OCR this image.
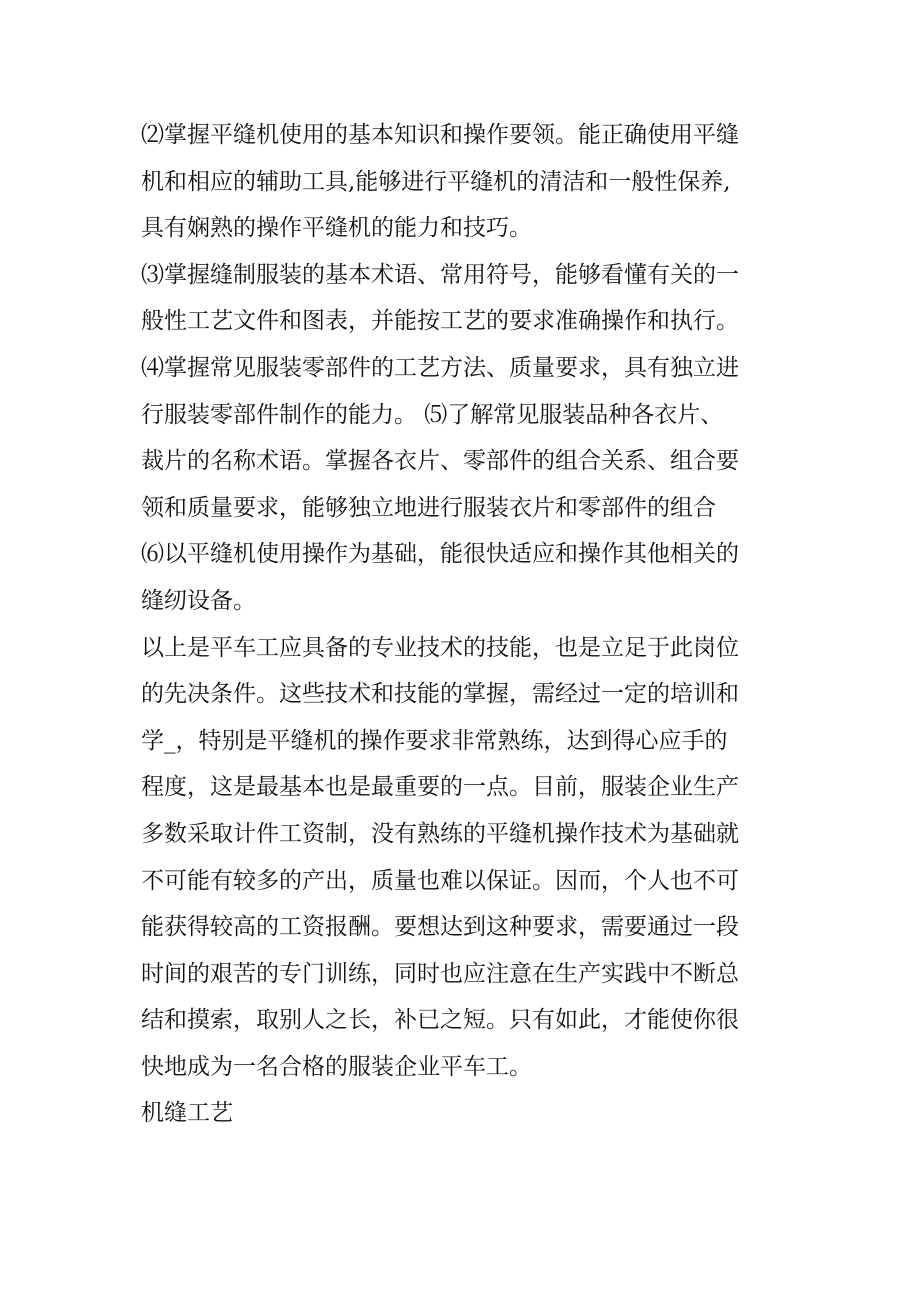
⑵掌握平缝机使用的基本知识和操作要领。能正确使用平缝
机和相应的辅助工具,能够进行平缝机的清洁和一般性保养,
具有娴熟的操作平缝机的能力和技巧。
⑶掌握缝制服装的基本术语、常用符号，能够看懂有关的一
般性工艺文件和图表，并能按工艺的要求准确操作和执行。
⑷掌握常见服装零部件的工艺方法、质量要求，具有独立进
行服装零部件制作的能力。 ⑸了解常见服装品种各衣片、
裁片的名称术语。掌握各衣片、零部件的组合关系、组合要
领和质量要求，能够独立地进行服装衣片和零部件的组合
⑹以平缝机使用操作为基础，能很快适应和操作其他相关的
缝纫设备。
以上是平车工应具备的专业技术的技能，也是立足于此岗位
的先决条件。这些技术和技能的掌握，需经过一定的培训和
学_，特别是平缝机的操作要求非常熟练，达到得心应手的
程度，这是最基本也是最重要的一点。目前，服装企业生产
多数采取计件工资制，没有熟练的平缝机操作技术为基础就
不可能有较多的产出，质量也难以保证。因而，个人也不可
能获得较高的工资报酬。要想达到这种要求，需要通过一段
时间的艰苦的专门训练，同时也应注意在生产实践中不断总
结和摸索，取别人之长，补已之短。只有如此，才能使你很
快地成为一名合格的服装企业平车工。
机缝工艺
